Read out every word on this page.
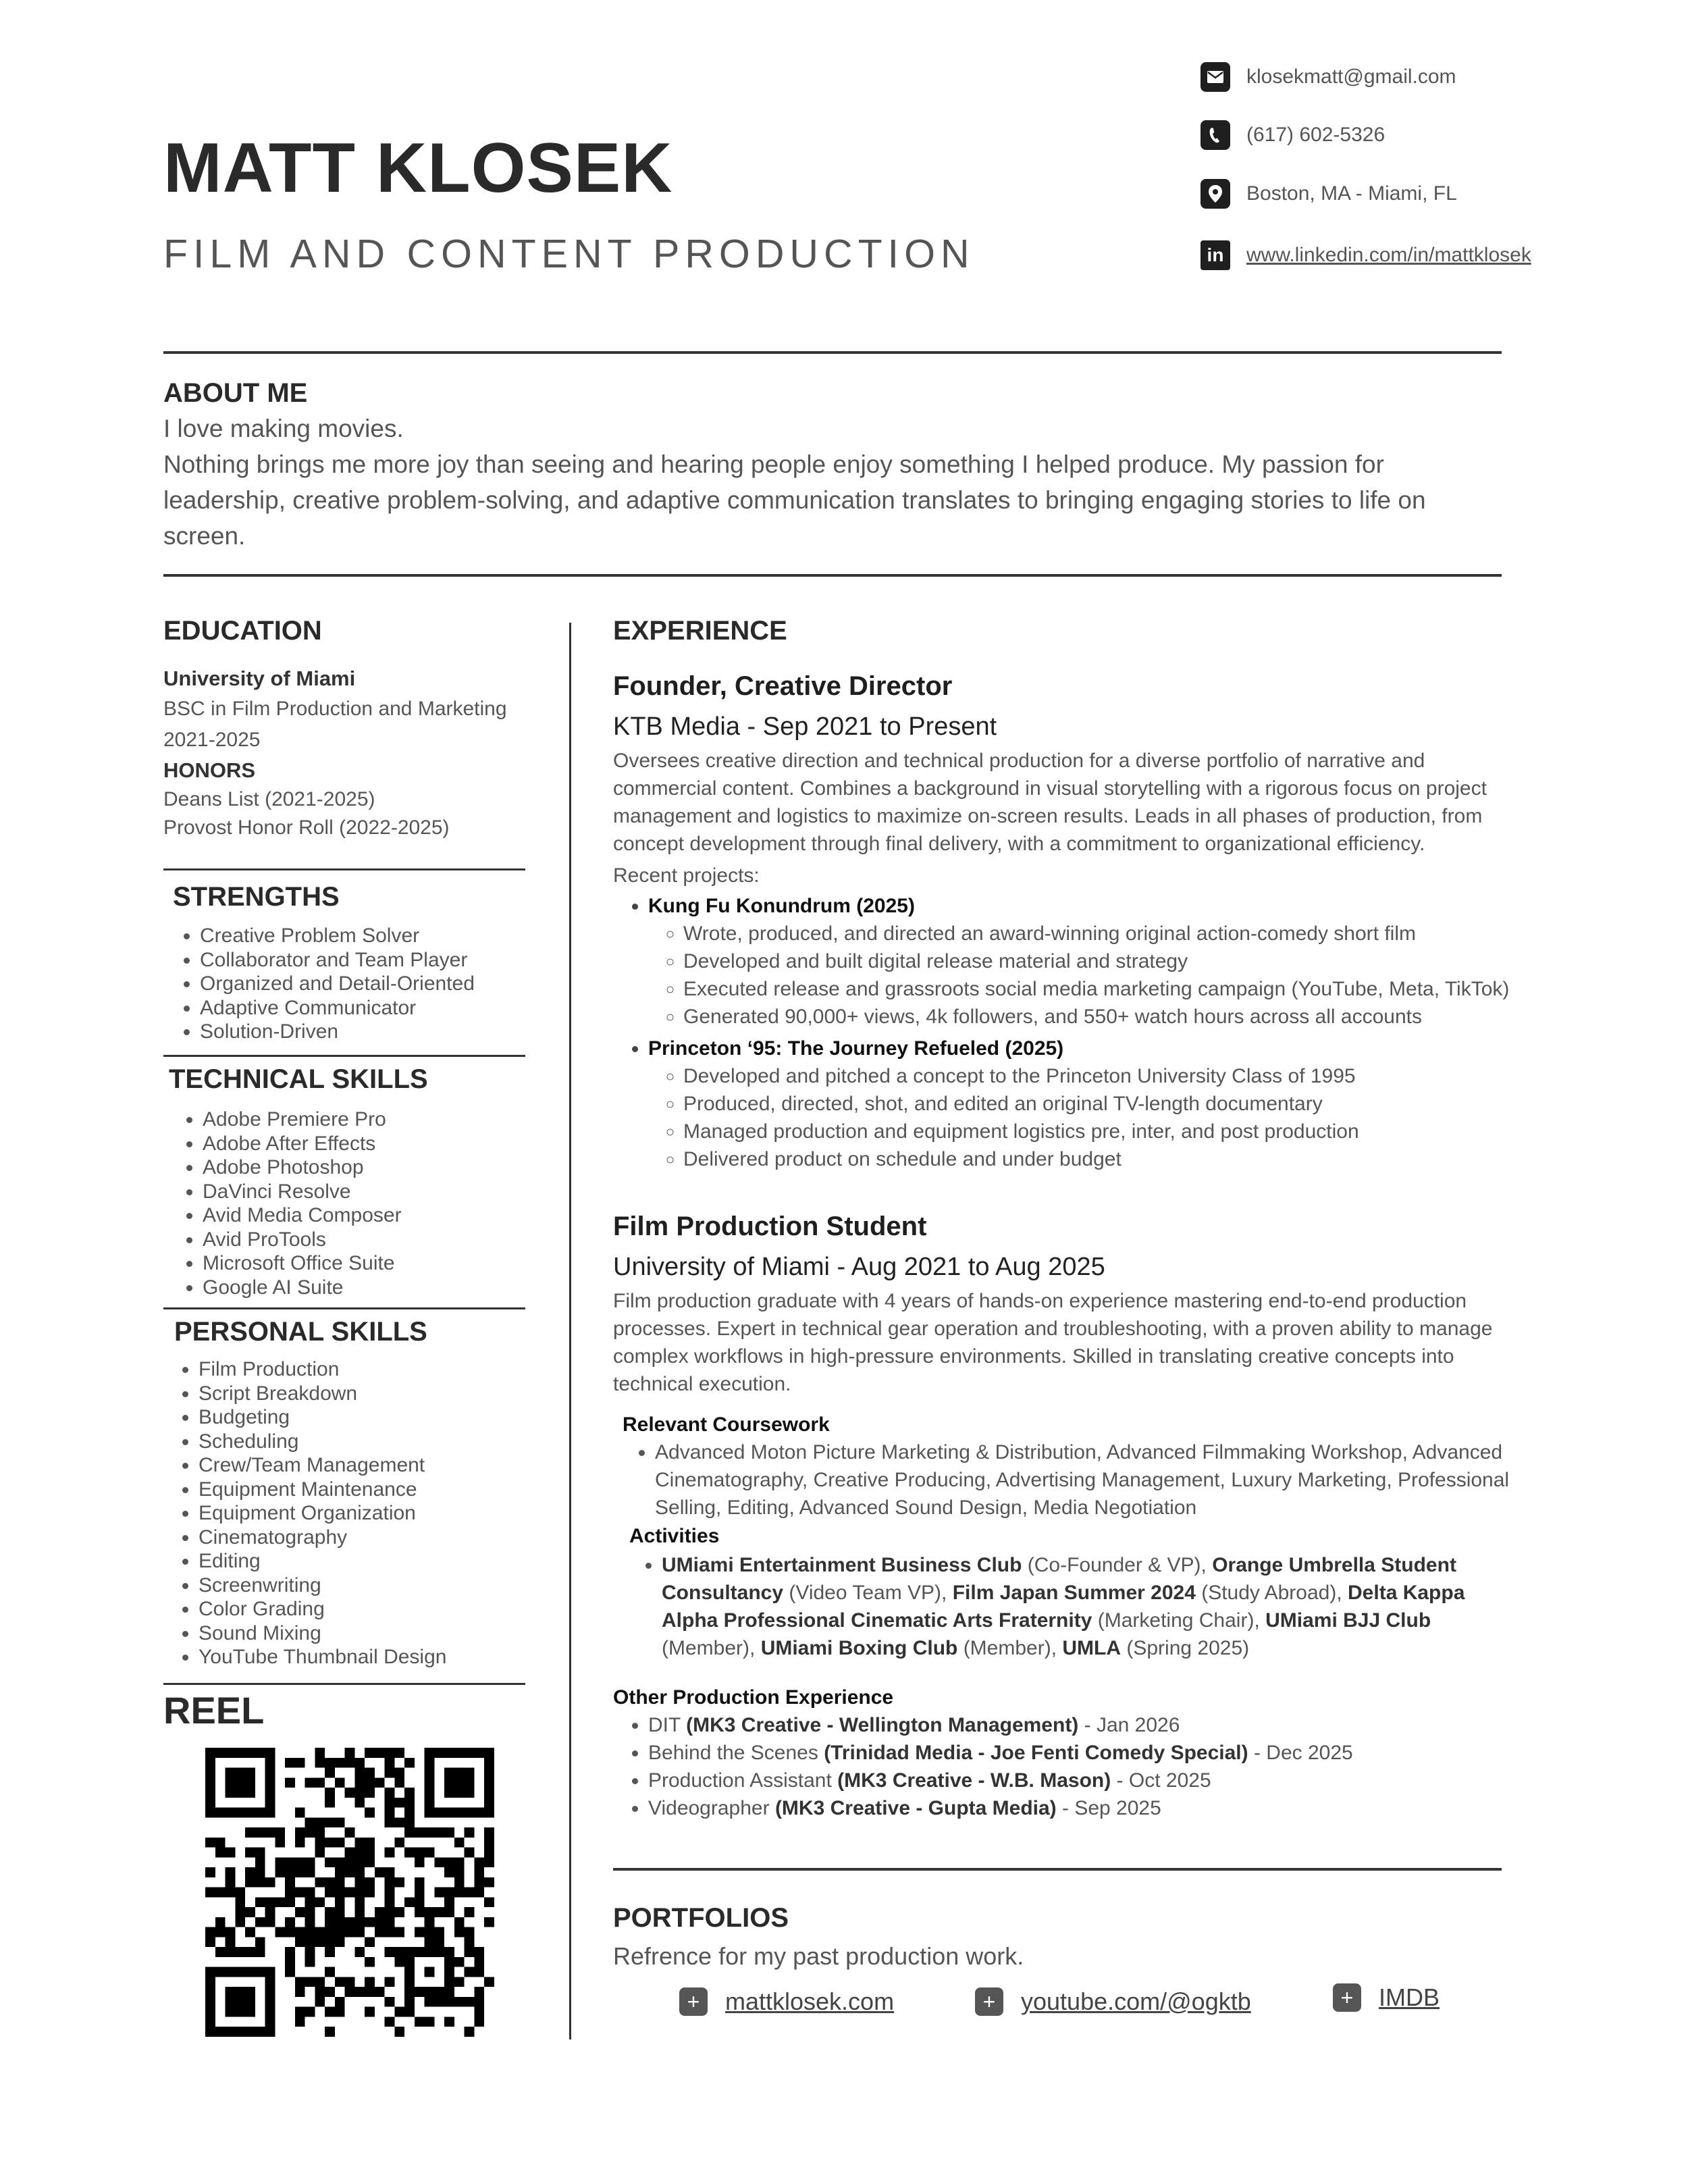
MATT KLOSEK
FILM AND CONTENT PRODUCTION
klosekmatt@gmail.com
(617) 602-5326
Boston, MA - Miami, FL
in www.linkedin.com/in/mattklosek
ABOUT ME
I love making movies.
Nothing brings me more joy than seeing and hearing people enjoy something I helped produce. My passion for leadership, creative problem-solving, and adaptive communication translates to bringing engaging stories to life on screen.
EDUCATION
University of Miami
BSC in Film Production and Marketing
2021-2025
HONORS
Deans List (2021-2025)
Provost Honor Roll (2022-2025)
STRENGTHS
• Creative Problem Solver
• Collaborator and Team Player
• Organized and Detail-Oriented
• Adaptive Communicator
• Solution-Driven
TECHNICAL SKILLS
• Adobe Premiere Pro
• Adobe After Effects
• Adobe Photoshop
• DaVinci Resolve
• Avid Media Composer
• Avid ProTools
• Microsoft Office Suite
• Google AI Suite
PERSONAL SKILLS
• Film Production
• Script Breakdown
• Budgeting
• Scheduling
• Crew/Team Management
• Equipment Maintenance
• Equipment Organization
• Cinematography
• Editing
• Screenwriting
• Color Grading
• Sound Mixing
• YouTube Thumbnail Design
REEL
EXPERIENCE
Founder, Creative Director
KTB Media - Sep 2021 to Present
Oversees creative direction and technical production for a diverse portfolio of narrative and commercial content. Combines a background in visual storytelling with a rigorous focus on project management and logistics to maximize on-screen results. Leads in all phases of production, from concept development through final delivery, with a commitment to organizational efficiency.
Recent projects:
• Kung Fu Konundrum (2025)
◦ Wrote, produced, and directed an award-winning original action-comedy short film
◦ Developed and built digital release material and strategy
◦ Executed release and grassroots social media marketing campaign (YouTube, Meta, TikTok)
◦ Generated 90,000+ views, 4k followers, and 550+ watch hours across all accounts
• Princeton ‘95: The Journey Refueled (2025)
◦ Developed and pitched a concept to the Princeton University Class of 1995
◦ Produced, directed, shot, and edited an original TV-length documentary
◦ Managed production and equipment logistics pre, inter, and post production
◦ Delivered product on schedule and under budget
Film Production Student
University of Miami - Aug 2021 to Aug 2025
Film production graduate with 4 years of hands-on experience mastering end-to-end production processes. Expert in technical gear operation and troubleshooting, with a proven ability to manage complex workflows in high-pressure environments. Skilled in translating creative concepts into technical execution.
Relevant Coursework
• Advanced Moton Picture Marketing & Distribution, Advanced Filmmaking Workshop, Advanced Cinematography, Creative Producing, Advertising Management, Luxury Marketing, Professional Selling, Editing, Advanced Sound Design, Media Negotiation
Activities
• UMiami Entertainment Business Club (Co-Founder & VP), Orange Umbrella Student Consultancy (Video Team VP), Film Japan Summer 2024 (Study Abroad), Delta Kappa Alpha Professional Cinematic Arts Fraternity (Marketing Chair), UMiami BJJ Club (Member), UMiami Boxing Club (Member), UMLA (Spring 2025)
Other Production Experience
• DIT (MK3 Creative - Wellington Management) - Jan 2026
• Behind the Scenes (Trinidad Media - Joe Fenti Comedy Special) - Dec 2025
• Production Assistant (MK3 Creative - W.B. Mason) - Oct 2025
• Videographer (MK3 Creative - Gupta Media) - Sep 2025
PORTFOLIOS
Refrence for my past production work.
+	mattklosek.com	+	youtube.com/@ogktb	+	IMDB
